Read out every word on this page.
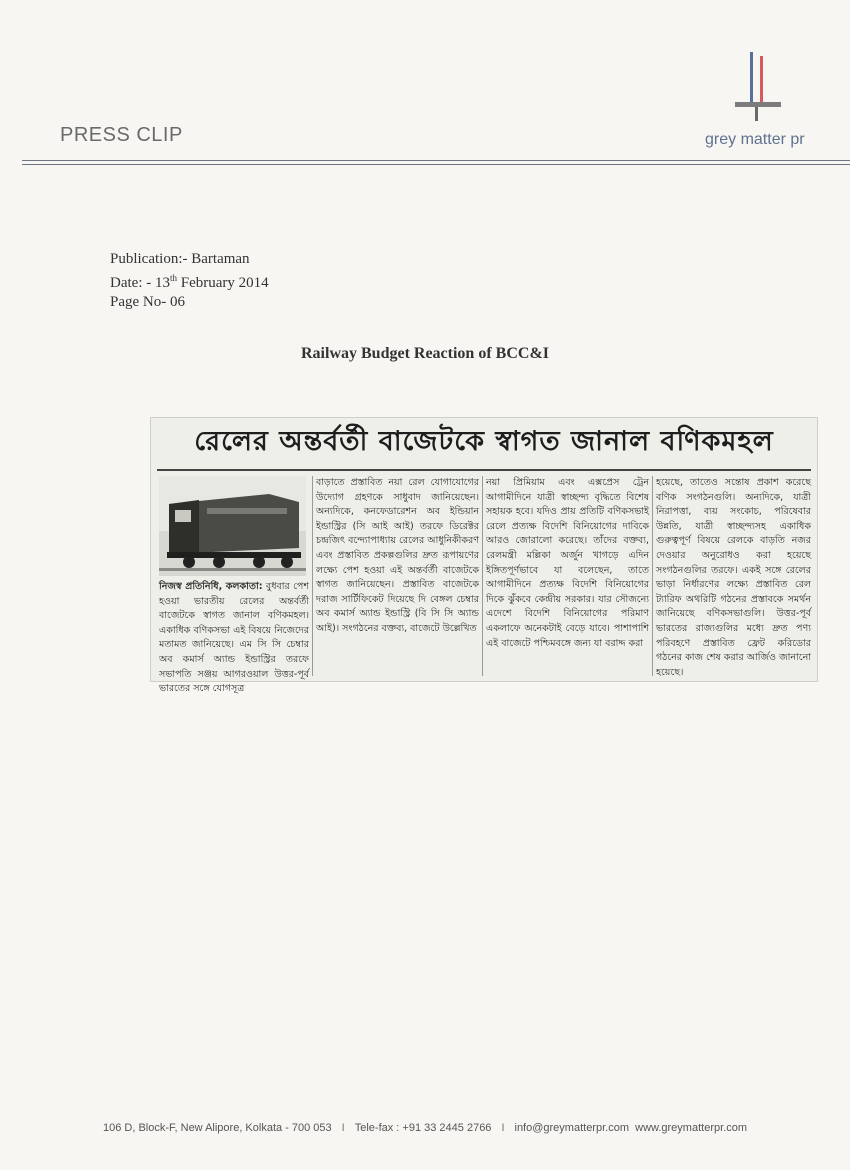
PRESS CLIP	grey matter pr
Publication:- Bartaman
Date: - 13th February 2014
Page No- 06
Railway Budget Reaction of BCC&I
রেলের অন্তর্বর্তী বাজেটকে স্বাগত জানাল বণিকমহল

নিজস্ব প্রতিনিধি, কলকাতা: বুধবার পেশ হওয়া ভারতীয় রেলের অন্তর্বর্তী বাজেটকে স্বাগত জানাল বণিকমহল। একাধিক বণিকসভা এই বিষয়ে নিজেদের মতামত জানিয়েছে। এম সি সি চেম্বার অব কমার্স অ্যান্ড ইন্ডাস্ট্রির তরফে সভাপতি সঞ্জয় আগরওয়াল উত্তর-পূর্ব ভারতের সঙ্গে যোগসূত্র

বাড়াতে প্রস্তাবিত নয়া রেল যোগাযোগের উদ্যোগ গ্রহণকে সাধুবাদ জানিয়েছেন। অন্যদিকে, কনফেডারেশন অব ইন্ডিয়ান ইন্ডাস্ট্রির (সি আই আই) তরফে ডিরেক্টর চন্দ্রজিৎ বন্দ্যোপাধ্যায় রেলের আধুনিকীকরণ এবং প্রস্তাবিত প্রকল্পগুলির দ্রুত রূপায়ণের লক্ষ্যে পেশ হওয়া এই অন্তর্বর্তী বাজেটকে স্বাগত জানিয়েছেন। প্রস্তাবিত বাজেটকে দরাজ সার্টিফিকেট দিয়েছে দি বেঙ্গল চেম্বার অব কমার্স অ্যান্ড ইন্ডাস্ট্রি (বি সি সি অ্যান্ড আই)। সংগঠনের বক্তব্য, বাজেটে উল্লেখিত

নয়া প্রিমিয়াম এবং এক্সপ্রেস ট্রেন আগামীদিনে যাত্রী স্বাচ্ছন্দ্য বৃদ্ধিতে বিশেষ সহায়ক হবে। যদিও প্রায় প্রতিটি বণিকসভাই রেলে প্রত্যক্ষ বিদেশি বিনিয়োগের দাবিকে আরও জোরালো করেছে। তাঁদের বক্তব্য, রেলমন্ত্রী মল্লিকা অর্জুন খাগড়ে এদিন ইঙ্গিতপূর্ণভাবে যা বলেছেন, তাতে আগামীদিনে প্রত্যক্ষ বিদেশি বিনিয়োগের দিকে ঝুঁকবে কেন্দ্রীয় সরকার। যার সৌজন্যে এদেশে বিদেশি বিনিয়োগের পরিমাণ একলাফে অনেকটাই বেড়ে যাবে। পাশাপাশি এই বাজেটে পশ্চিমবঙ্গে জন্য যা বরাদ্দ করা

হয়েছে, তাতেও সন্তোষ প্রকাশ করেছে বণিক সংগঠনগুলি। অন্যদিকে, যাত্রী নিরাপত্তা, ব্যয় সংকোচ, পরিষেবার উন্নতি, যাত্রী স্বাচ্ছন্দ্যসহ একাধিক গুরুত্বপূর্ণ বিষয়ে রেলকে বাড়তি নজর দেওয়ার অনুরোধও করা হয়েছে সংগঠনগুলির তরফে। একই সঙ্গে রেলের ভাড়া নির্ধারণের লক্ষ্যে প্রস্তাবিত রেল ট্যারিফ অথরিটি গঠনের প্রস্তাবকে সমর্থন জানিয়েছে বণিকসভাগুলি। উত্তর-পূর্ব ভারতের রাজ্যগুলির মধ্যে দ্রুত পণ্য পরিবহণে প্রস্তাবিত ফ্রেট করিডোর গঠনের কাজ শেষ করার আর্জিও জানানো হয়েছে।

106 D, Block-F, New Alipore, Kolkata - 700 053 I Tele-fax : +91 33 2445 2766 I info@greymatterpr.com www.greymatterpr.com
